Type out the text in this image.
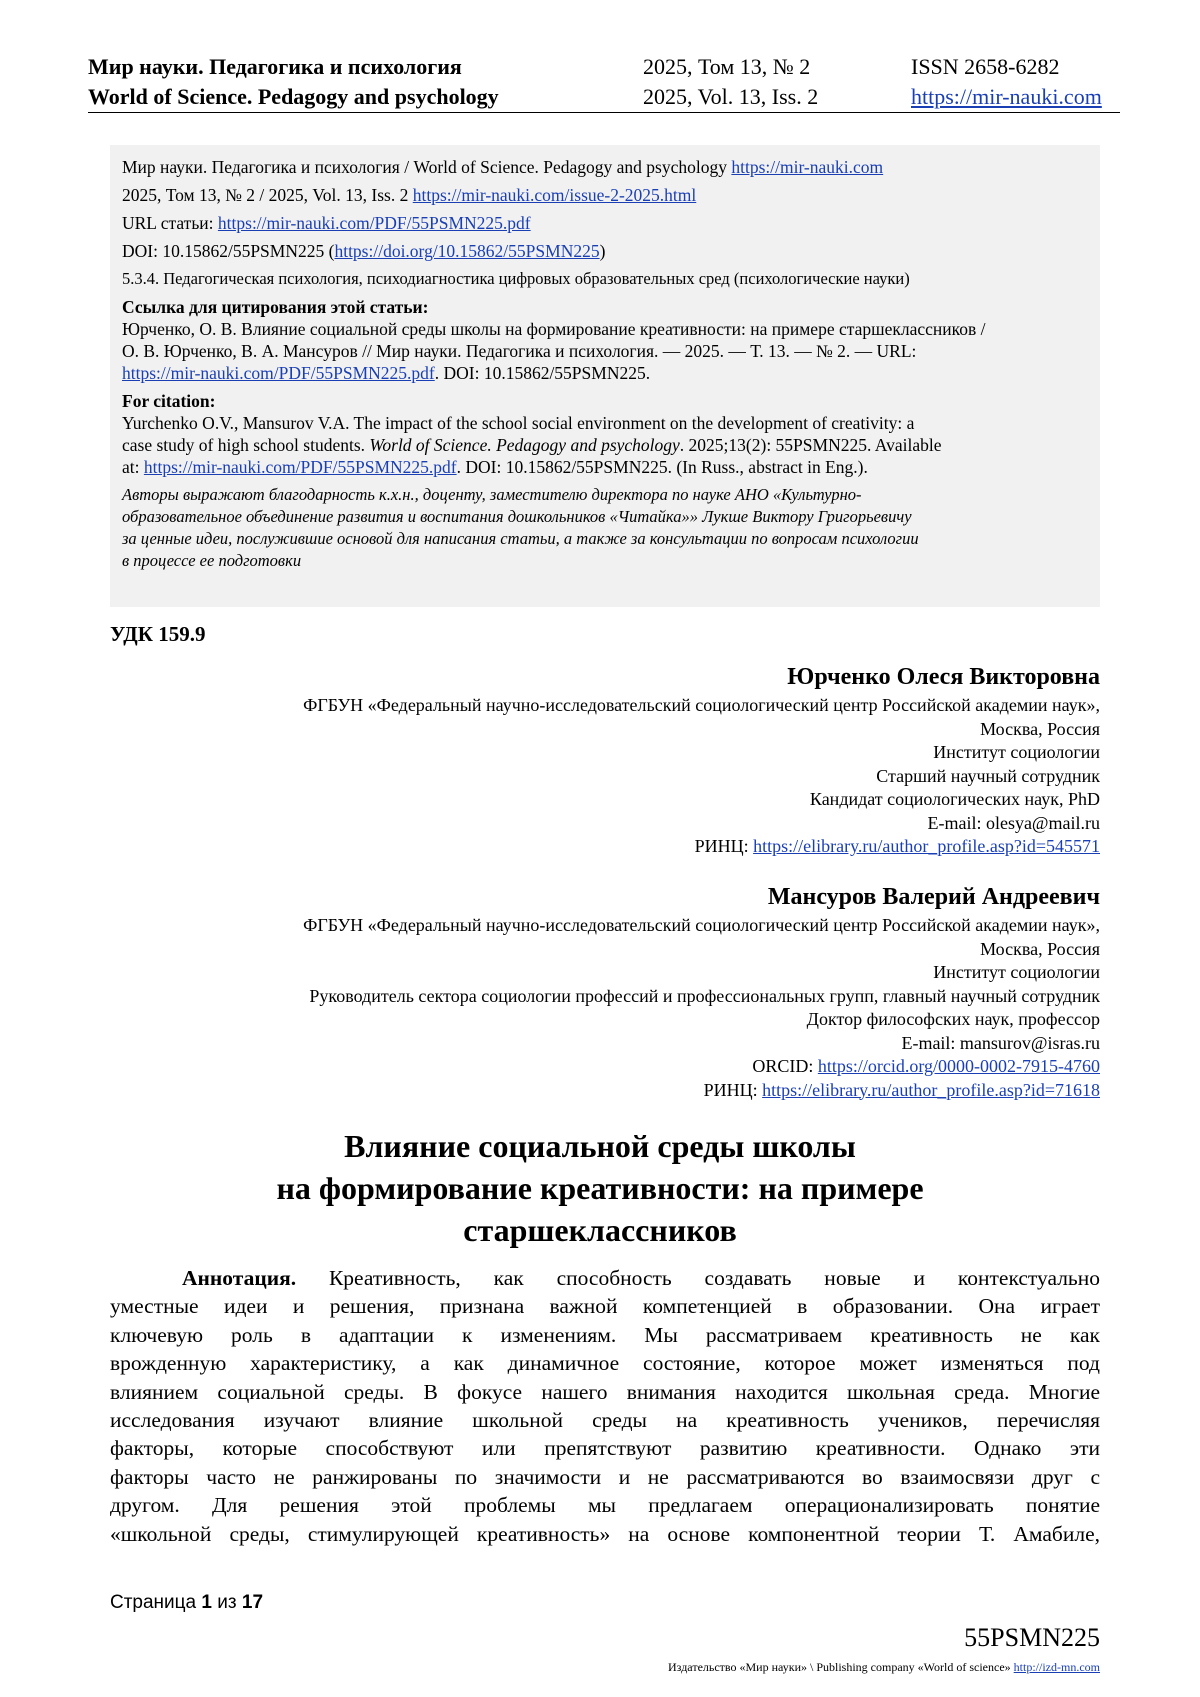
Мир науки. Педагогика и психология
World of Science. Pedagogy and psychology
2025, Том 13, № 2
2025, Vol. 13, Iss. 2
ISSN 2658-6282
https://mir-nauki.com
Мир науки. Педагогика и психология / World of Science. Pedagogy and psychology https://mir-nauki.com
2025, Том 13, № 2 / 2025, Vol. 13, Iss. 2 https://mir-nauki.com/issue-2-2025.html
URL статьи: https://mir-nauki.com/PDF/55PSMN225.pdf
DOI: 10.15862/55PSMN225 (https://doi.org/10.15862/55PSMN225)
5.3.4. Педагогическая психология, психодиагностика цифровых образовательных сред (психологические науки)
Ссылка для цитирования этой статьи:
Юрченко, О. В. Влияние социальной среды школы на формирование креативности: на примере старшеклассников /
О. В. Юрченко, В. А. Мансуров // Мир науки. Педагогика и психология. — 2025. — Т. 13. — № 2. — URL:
https://mir-nauki.com/PDF/55PSMN225.pdf. DOI: 10.15862/55PSMN225.
For citation:
Yurchenko O.V., Mansurov V.A. The impact of the school social environment on the development of creativity: a
case study of high school students. World of Science. Pedagogy and psychology. 2025;13(2): 55PSMN225. Available
at: https://mir-nauki.com/PDF/55PSMN225.pdf. DOI: 10.15862/55PSMN225. (In Russ., abstract in Eng.).
Авторы выражают благодарность к.х.н., доценту, заместителю директора по науке АНО «Культурно-
образовательное объединение развития и воспитания дошкольников «Читайка»» Лукше Виктору Григорьевичу
за ценные идеи, послужившие основой для написания статьи, а также за консультации по вопросам психологии
в процессе ее подготовки
УДК 159.9
Юрченко Олеся Викторовна
ФГБУН «Федеральный научно-исследовательский социологический центр Российской академии наук»,
Москва, Россия
Институт социологии
Старший научный сотрудник
Кандидат социологических наук, PhD
E-mail: olesya@mail.ru
РИНЦ: https://elibrary.ru/author_profile.asp?id=545571
Мансуров Валерий Андреевич
ФГБУН «Федеральный научно-исследовательский социологический центр Российской академии наук»,
Москва, Россия
Институт социологии
Руководитель сектора социологии профессий и профессиональных групп, главный научный сотрудник
Доктор философских наук, профессор
E-mail: mansurov@isras.ru
ORCID: https://orcid.org/0000-0002-7915-4760
РИНЦ: https://elibrary.ru/author_profile.asp?id=71618
Влияние социальной среды школы
на формирование креативности: на примере
старшеклассников
Аннотация. Креативность, как способность создавать новые и контекстуально
уместные идеи и решения, признана важной компетенцией в образовании. Она играет
ключевую роль в адаптации к изменениям. Мы рассматриваем креативность не как
врожденную характеристику, а как динамичное состояние, которое может изменяться под
влиянием социальной среды. В фокусе нашего внимания находится школьная среда. Многие
исследования изучают влияние школьной среды на креативность учеников, перечисляя
факторы, которые способствуют или препятствуют развитию креативности. Однако эти
факторы часто не ранжированы по значимости и не рассматриваются во взаимосвязи друг с
другом. Для решения этой проблемы мы предлагаем операционализировать понятие
«школьной среды, стимулирующей креативность» на основе компонентной теории Т. Амабиле,
Страница 1 из 17
55PSMN225
Издательство «Мир науки» \ Publishing company «World of science» http://izd-mn.com
